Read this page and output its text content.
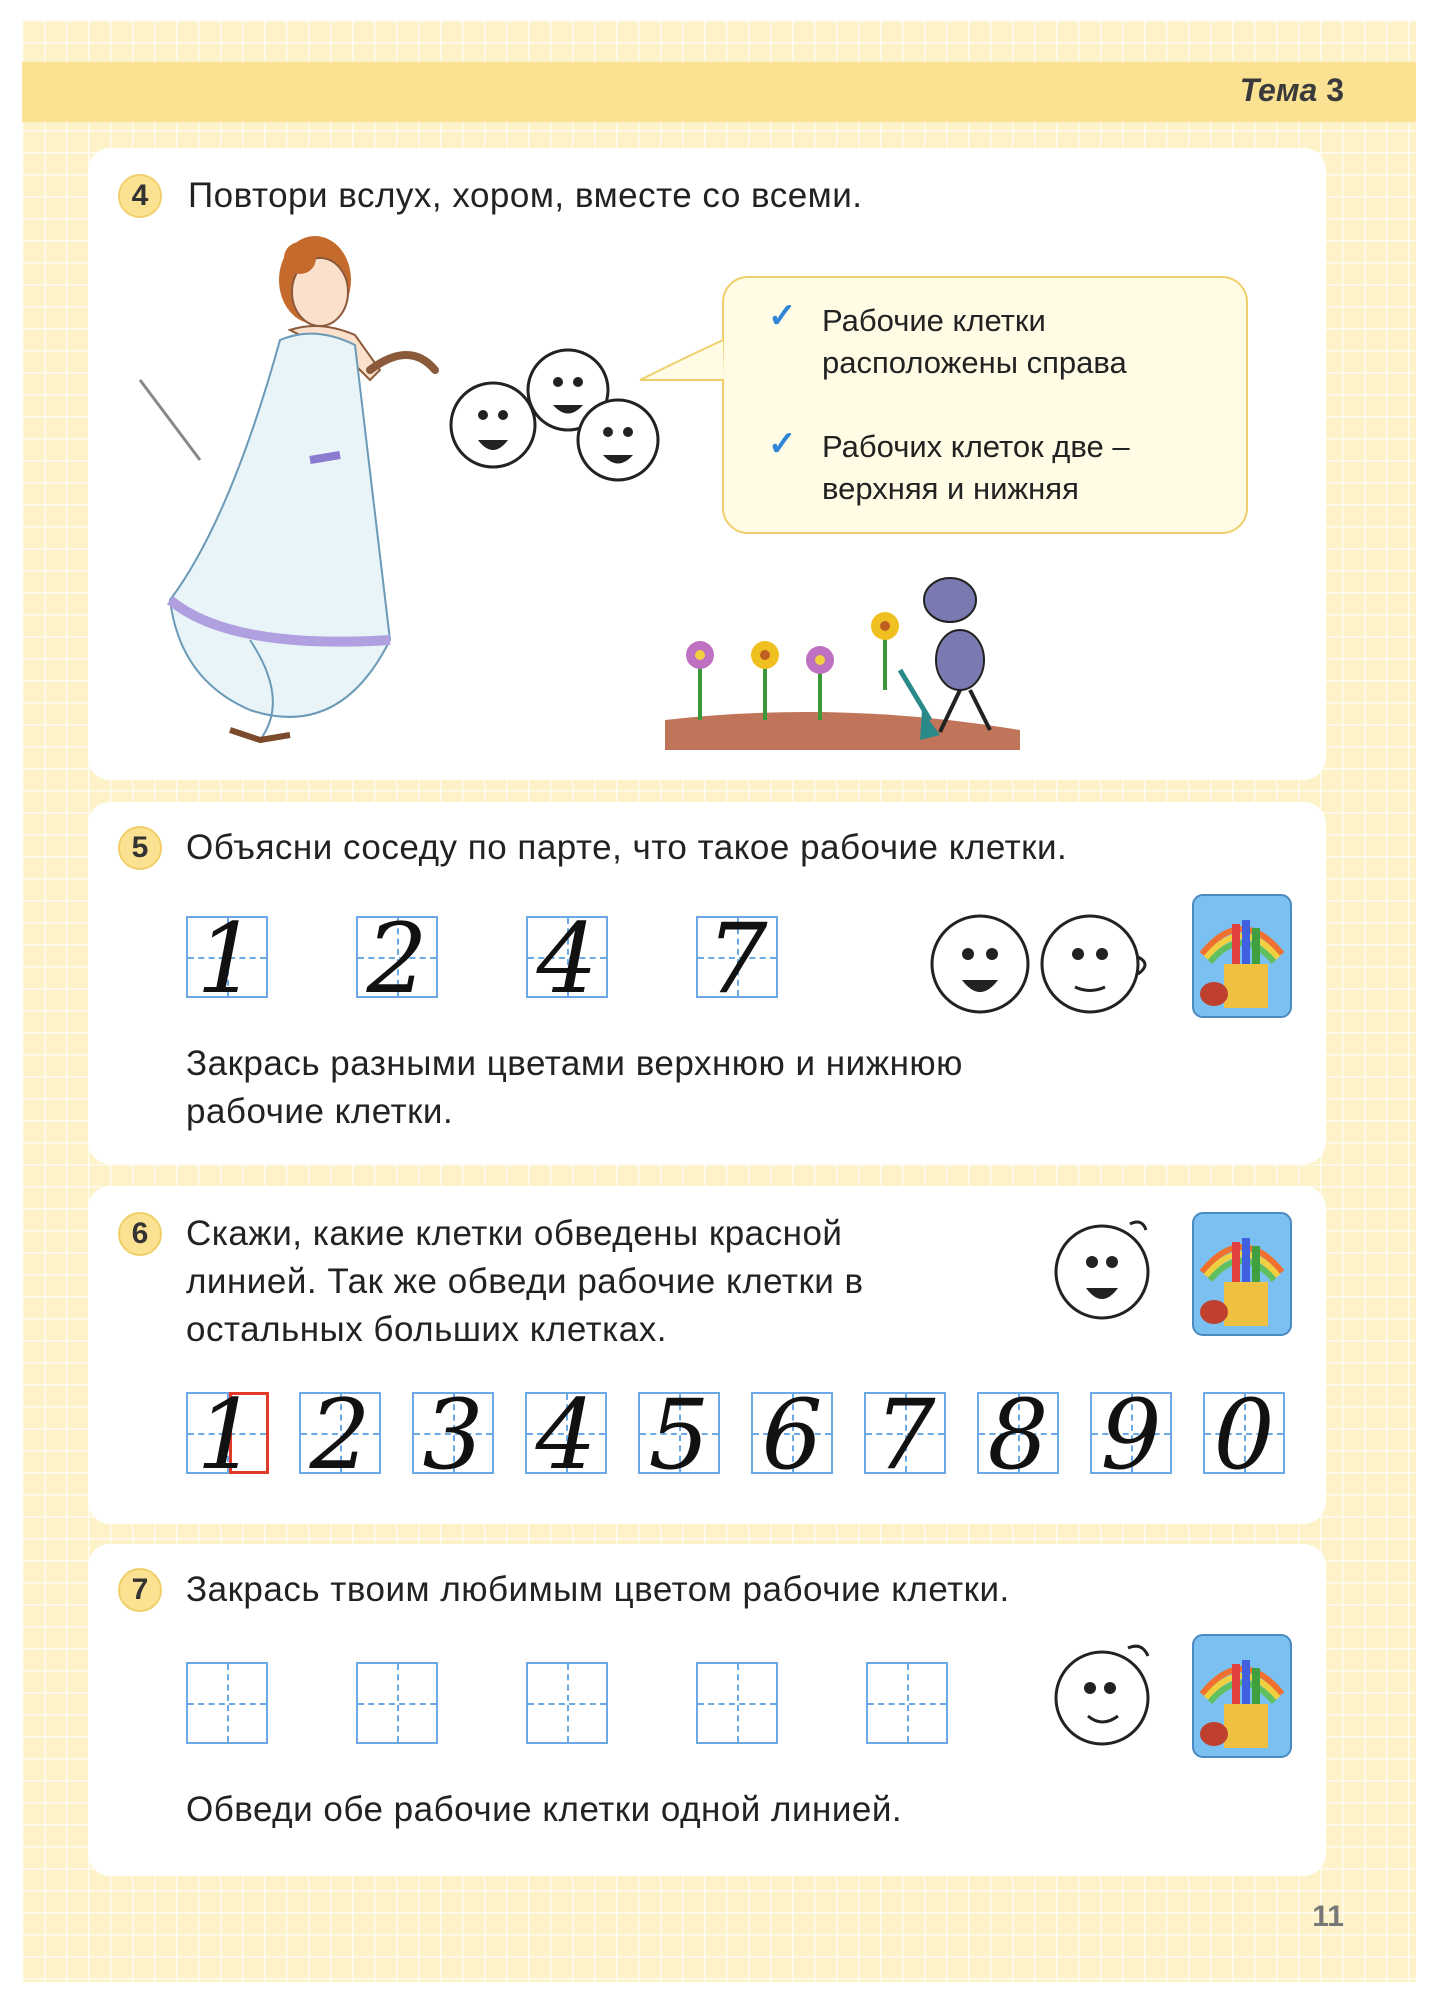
Тема 3
4	Повтори вслух, хором, вместе со всеми.
✓ Рабочие клетки
расположены справа
✓ Рабочих клеток две –
верхняя и нижняя
5	Объясни соседу по парте, что такое рабочие клетки.
1 2 4 7
Закрась разными цветами верхнюю и нижнюю
рабочие клетки.
6	Скажи, какие клетки обведены красной
линией. Так же обведи рабочие клетки в
остальных больших клетках.
1 2 3 4 5 6 7 8 9 0
7	Закрась твоим любимым цветом рабочие клетки.
Обведи обе рабочие клетки одной линией.
11
